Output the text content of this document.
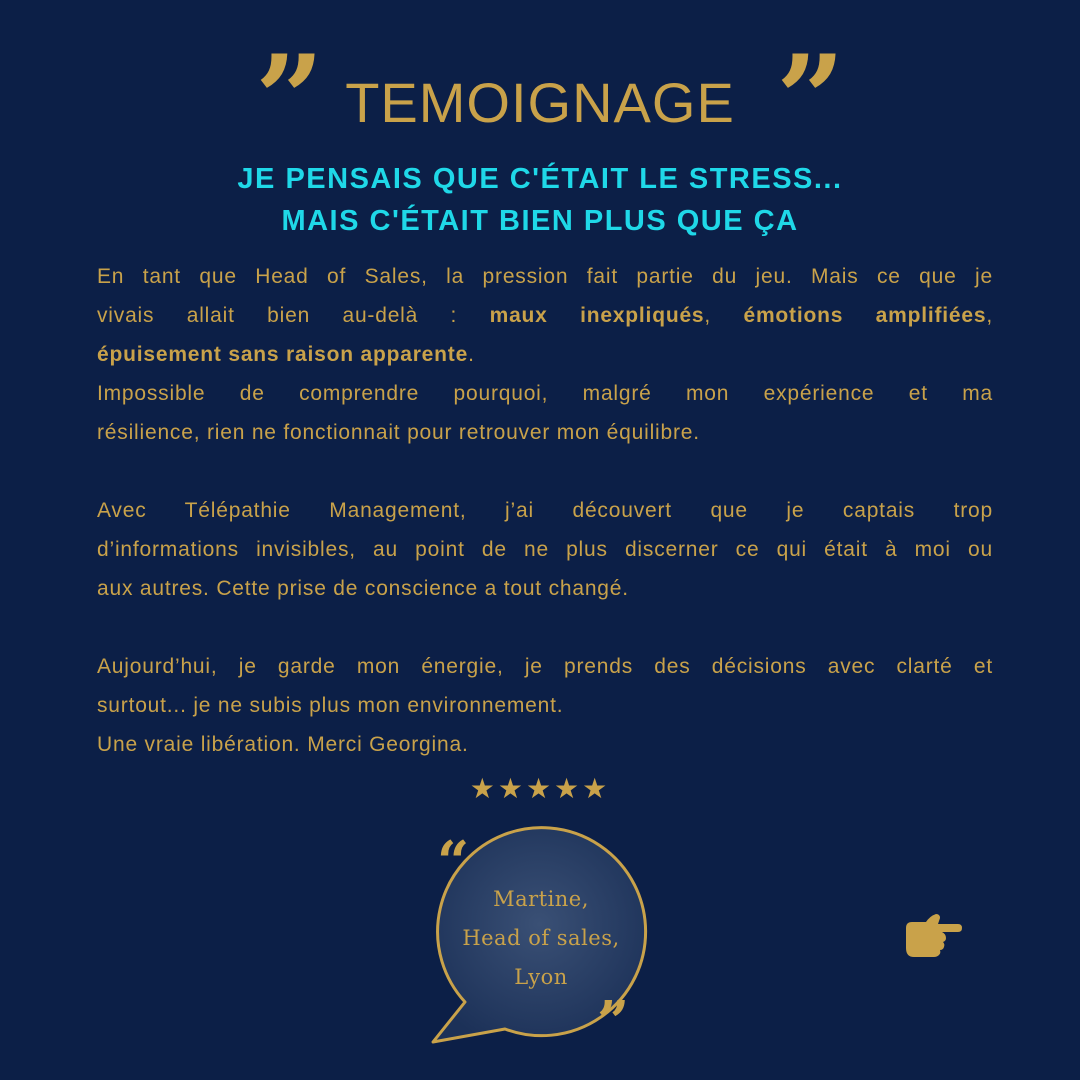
” TEMOIGNAGE ”
JE PENSAIS QUE C'ÉTAIT LE STRESS...
MAIS C'ÉTAIT BIEN PLUS QUE ÇA
En tant que Head of Sales, la pression fait partie du jeu. Mais ce que je
vivais allait bien au-delà : maux inexpliqués, émotions amplifiées,
épuisement sans raison apparente.
Impossible de comprendre pourquoi, malgré mon expérience et ma
résilience, rien ne fonctionnait pour retrouver mon équilibre.
Avec Télépathie Management, j’ai découvert que je captais trop
d’informations invisibles, au point de ne plus discerner ce qui était à moi ou
aux autres. Cette prise de conscience a tout changé.
Aujourd’hui, je garde mon énergie, je prends des décisions avec clarté et
surtout... je ne subis plus mon environnement.
Une vraie libération. Merci Georgina.
★★★★★
“
”
Martine,
Head of sales,
Lyon
